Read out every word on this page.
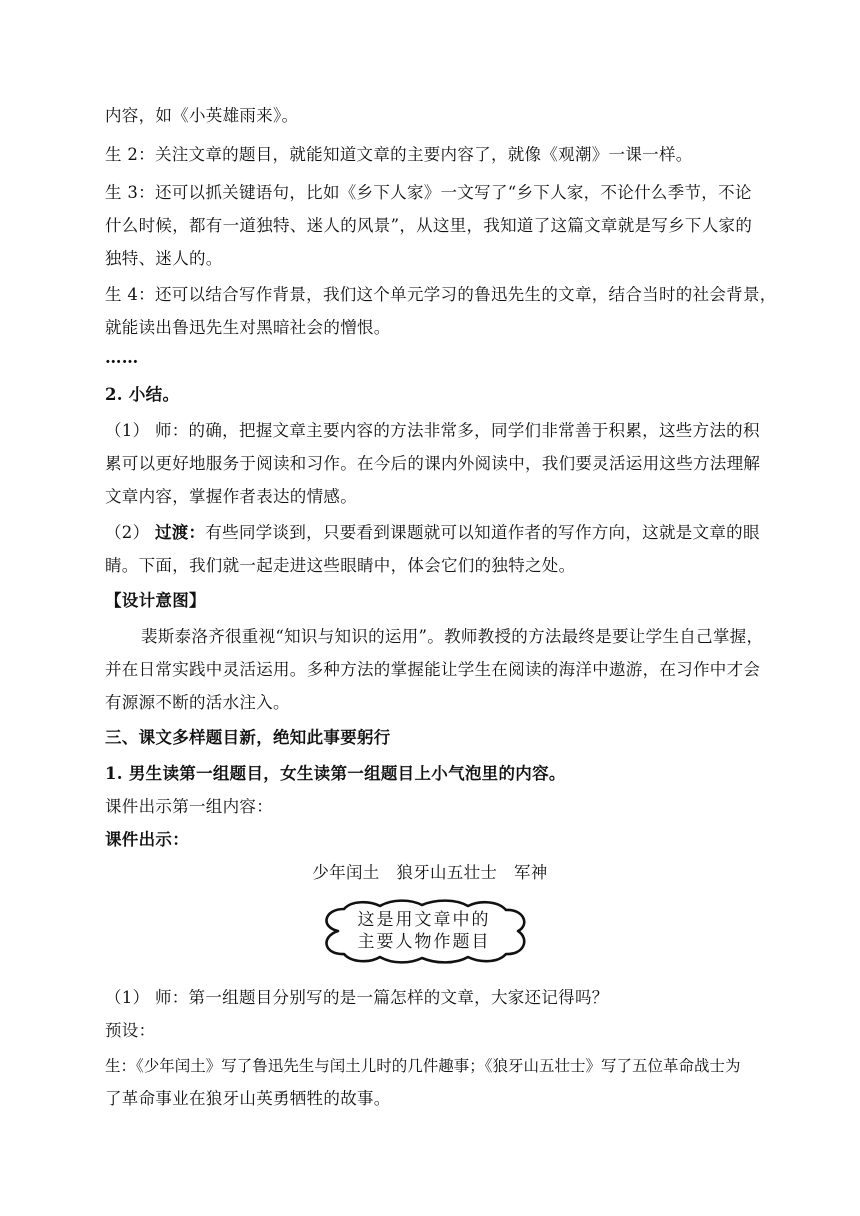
内容，如《小英雄雨来》。
生 2：关注文章的题目，就能知道文章的主要内容了，就像《观潮》一课一样。
生 3：还可以抓关键语句，比如《乡下人家》一文写了“乡下人家，不论什么季节，不论
什么时候，都有一道独特、迷人的风景”，从这里，我知道了这篇文章就是写乡下人家的
独特、迷人的。
生 4：还可以结合写作背景，我们这个单元学习的鲁迅先生的文章，结合当时的社会背景，
就能读出鲁迅先生对黑暗社会的憎恨。
……
2. 小结。
（1） 师：的确，把握文章主要内容的方法非常多，同学们非常善于积累，这些方法的积
累可以更好地服务于阅读和习作。在今后的课内外阅读中，我们要灵活运用这些方法理解
文章内容，掌握作者表达的情感。
（2） 过渡：有些同学谈到，只要看到课题就可以知道作者的写作方向，这就是文章的眼
睛。下面，我们就一起走进这些眼睛中，体会它们的独特之处。
【设计意图】
裴斯泰洛齐很重视“知识与知识的运用”。教师教授的方法最终是要让学生自己掌握，
并在日常实践中灵活运用。多种方法的掌握能让学生在阅读的海洋中遨游，在习作中才会
有源源不断的活水注入。
三、课文多样题目新，绝知此事要躬行
1. 男生读第一组题目，女生读第一组题目上小气泡里的内容。
课件出示第一组内容：
课件出示：
少年闰土　狼牙山五壮士　军神
这是用文章中的
主要人物作题目
（1） 师：第一组题目分别写的是一篇怎样的文章，大家还记得吗？
预设：
生：《少年闰土》写了鲁迅先生与闰土儿时的几件趣事；《狼牙山五壮士》写了五位革命战士为
了革命事业在狼牙山英勇牺牲的故事。
